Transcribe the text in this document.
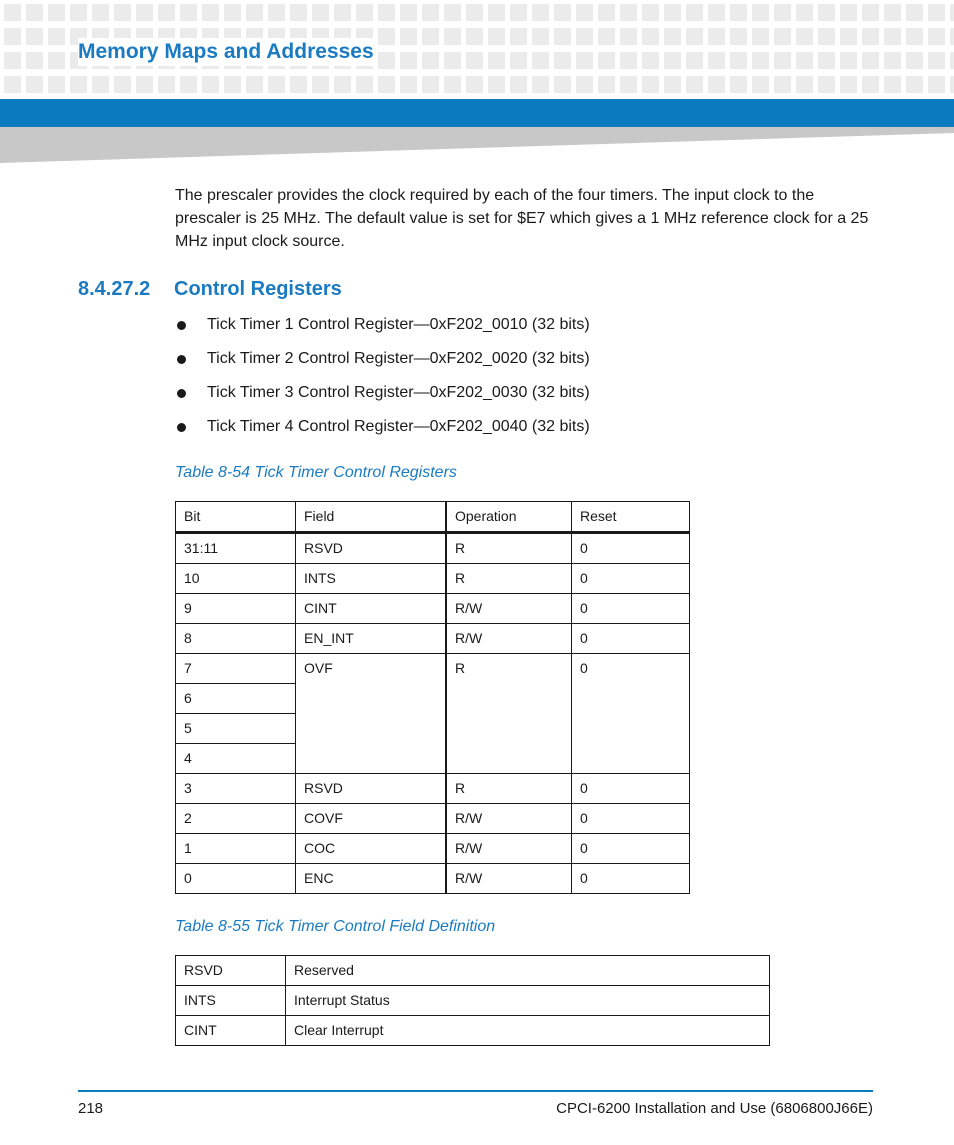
Memory Maps and Addresses
The prescaler provides the clock required by each of the four timers. The input clock to the prescaler is 25 MHz. The default value is set for $E7 which gives a 1 MHz reference clock for a 25 MHz input clock source.
8.4.27.2 Control Registers
Tick Timer 1 Control Register—0xF202_0010 (32 bits)
Tick Timer 2 Control Register—0xF202_0020 (32 bits)
Tick Timer 3 Control Register—0xF202_0030 (32 bits)
Tick Timer 4 Control Register—0xF202_0040 (32 bits)
Table 8-54 Tick Timer Control Registers
Bit	Field	Operation	Reset
31:11	RSVD	R	0
10	INTS	R	0
9	CINT	R/W	0
8	EN_INT	R/W	0
7	OVF	R	0
6			
5			
4			
3	RSVD	R	0
2	COVF	R/W	0
1	COC	R/W	0
0	ENC	R/W	0
Table 8-55 Tick Timer Control Field Definition
RSVD	Reserved
INTS	Interrupt Status
CINT	Clear Interrupt
218	CPCI-6200 Installation and Use (6806800J66E)
